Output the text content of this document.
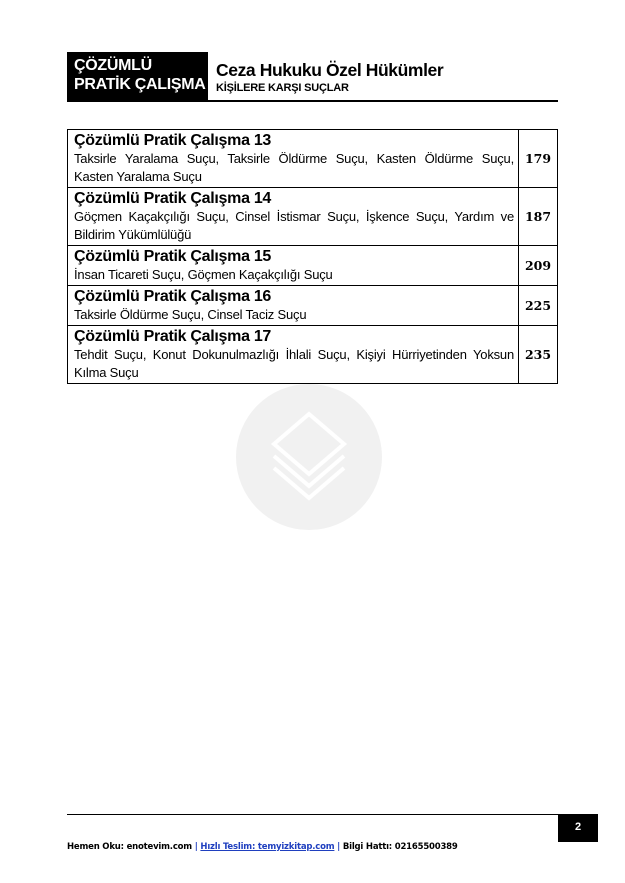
ÇÖZÜMLÜ
PRATİK ÇALIŞMA
Ceza Hukuku Özel Hükümler
KİŞİLERE KARŞI SUÇLAR
Çözümlü Pratik Çalışma 13
Taksirle Yaralama Suçu, Taksirle Öldürme Suçu, Kasten Öldürme Suçu, Kasten Yaralama Suçu	179

Çözümlü Pratik Çalışma 14
Göçmen Kaçakçılığı Suçu, Cinsel İstismar Suçu, İşkence Suçu, Yardım ve Bildirim Yükümlülüğü	187

Çözümlü Pratik Çalışma 15
İnsan Ticareti Suçu, Göçmen Kaçakçılığı Suçu	209

Çözümlü Pratik Çalışma 16
Taksirle Öldürme Suçu, Cinsel Taciz Suçu	225

Çözümlü Pratik Çalışma 17
Tehdit Suçu, Konut Dokunulmazlığı İhlali Suçu, Kişiyi Hürriyetinden Yoksun Kılma Suçu	235
2
Hemen Oku: enotevim.com | Hızlı Teslim: temyizkitap.com | Bilgi Hattı: 02165500389
